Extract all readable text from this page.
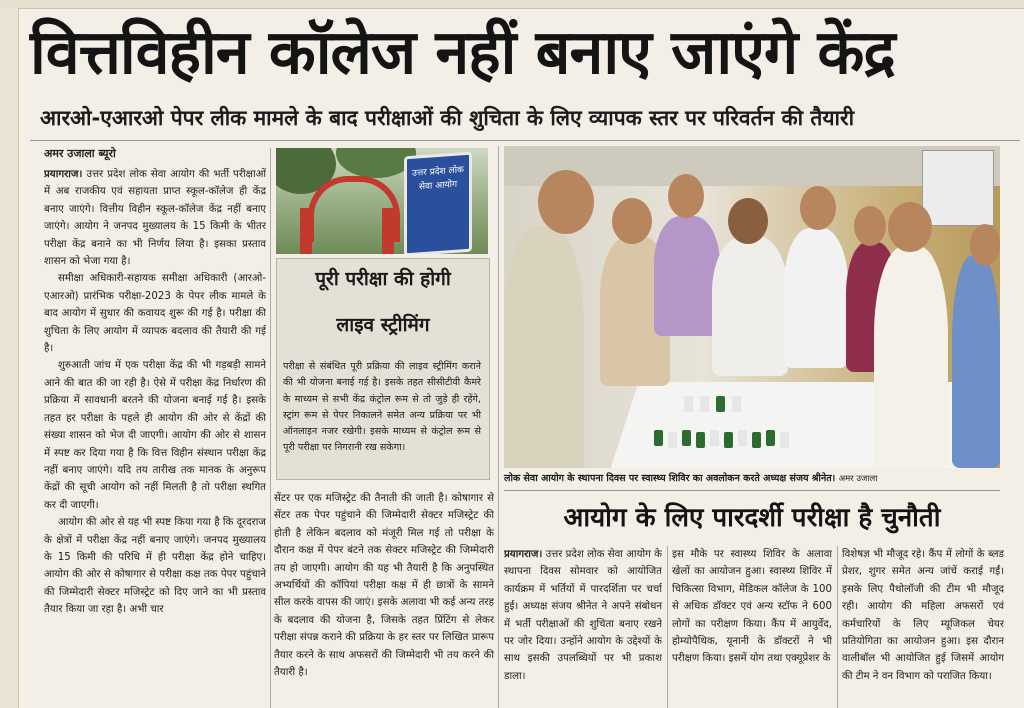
वित्तविहीन कॉलेज नहीं बनाए जाएंगे केंद्र
आरओ-एआरओ पेपर लीक मामले के बाद परीक्षाओं की शुचिता के लिए व्यापक स्तर पर परिवर्तन की तैयारी
अमर उजाला ब्यूरो

प्रयागराज। उत्तर प्रदेश लोक सेवा आयोग की भर्ती परीक्षाओं में अब राजकीय एवं सहायता प्राप्त स्कूल-कॉलेज ही केंद्र बनाए जाएंगे। वित्तीय विहीन स्कूल-कॉलेज केंद्र नहीं बनाए जाएंगे। आयोग ने जनपद मुख्यालय के 15 किमी के भीतर परीक्षा केंद्र बनाने का भी निर्णय लिया है। इसका प्रस्ताव शासन को भेजा गया है।

समीक्षा अधिकारी-सहायक समीक्षा अधिकारी (आरओ-एआरओ) प्रारंभिक परीक्षा-2023 के पेपर लीक मामले के बाद आयोग में सुधार की कवायद शुरू की गई है। परीक्षा की शुचिता के लिए आयोग में व्यापक बदलाव की तैयारी की गई है।

शुरुआती जांच में एक परीक्षा केंद्र की भी गड़बड़ी सामने आने की बात की जा रही है। ऐसे में परीक्षा केंद्र निर्धारण की प्रक्रिया में सावधानी बरतने की योजना बनाई गई है। इसके तहत हर परीक्षा के पहले ही आयोग की ओर से केंद्रों की संख्या शासन को भेज दी जाएगी। आयोग की ओर से शासन में स्पष्ट कर दिया गया है कि वित्त विहीन संस्थान परीक्षा केंद्र नहीं बनाए जाएंगे। यदि तय तारीख तक मानक के अनुरूप केंद्रों की सूची आयोग को नहीं मिलती है तो परीक्षा स्थगित कर दी जाएगी।

आयोग की ओर से यह भी स्पष्ट किया गया है कि दूरदराज के क्षेत्रों में परीक्षा केंद्र नहीं बनाए जाएंगे। जनपद मुख्यालय के 15 किमी की परिधि में ही परीक्षा केंद्र होने चाहिए। आयोग की ओर से कोषागार से परीक्षा कक्ष तक पेपर पहुंचाने की जिम्मेदारी सेक्टर मजिस्ट्रेट को दिए जाने का भी प्रस्ताव तैयार किया जा रहा है। अभी चार

उत्तर प्रदेश लोक सेवा आयोग
पूरी परीक्षा की होगी
लाइव स्ट्रीमिंग
परीक्षा से संबंधित पूरी प्रक्रिया की लाइव स्ट्रीमिंग कराने की भी योजना बनाई गई है। इसके तहत सीसीटीवी कैमरे के माध्यम से सभी केंद्र कंट्रोल रूम से तो जुड़े ही रहेंगे, स्ट्रांग रूम से पेपर निकालने समेत अन्य प्रक्रिया पर भी ऑनलाइन नजर रखेगी। इसके माध्यम से कंट्रोल रूम से पूरी परीक्षा पर निगरानी रख सकेगा।
सेंटर पर एक मजिस्ट्रेट की तैनाती की जाती है। कोषागार से सेंटर तक पेपर पहुंचाने की जिम्मेदारी सेक्टर मजिस्ट्रेट की होती है लेकिन बदलाव को मंजूरी मिल गई तो परीक्षा के दौरान कक्ष में पेपर बंटने तक सेक्टर मजिस्ट्रेट की जिम्मेदारी तय हो जाएगी। आयोग की यह भी तैयारी है कि अनुपस्थित अभ्यर्थियों की कॉपियां परीक्षा कक्ष में ही छात्रों के सामने सील करके वापस की जाएं। इसके अलावा भी कई अन्य तरह के बदलाव की योजना है, जिसके तहत प्रिंटिंग से लेकर परीक्षा संपन्न कराने की प्रक्रिया के हर स्तर पर लिखित प्रारूप तैयार करने के साथ अफसरों की जिम्मेदारी भी तय करने की तैयारी है।
लोक सेवा आयोग के स्थापना दिवस पर स्वास्थ्य शिविर का अवलोकन करते अध्यक्ष संजय श्रीनेत। अमर उजाला
आयोग के लिए पारदर्शी परीक्षा है चुनौती
प्रयागराज। उत्तर प्रदेश लोक सेवा आयोग के स्थापना दिवस सोमवार को आयोजित कार्यक्रम में भर्तियों में पारदर्शिता पर चर्चा हुई। अध्यक्ष संजय श्रीनेत ने अपने संबोधन में भर्ती परीक्षाओं की शुचिता बनाए रखने पर जोर दिया। उन्होंने आयोग के उद्देश्यों के साथ इसकी उपलब्धियों पर भी प्रकाश डाला।
इस मौके पर स्वास्थ्य शिविर के अलावा खेलों का आयोजन हुआ। स्वास्थ्य शिविर में चिकित्सा विभाग, मेडिकल कॉलेज के 100 से अधिक डॉक्टर एवं अन्य स्टॉफ ने 600 लोगों का परीक्षण किया। कैंप में आयुर्वेद, होम्योपैथिक, यूनानी के डॉक्टरों ने भी परीक्षण किया। इसमें योग तथा एक्यूप्रेशर के
विशेषज्ञ भी मौजूद रहे। कैंप में लोगों के ब्लड प्रेशर, शुगर समेत अन्य जांचें कराई गईं। इसके लिए पैथोलॉजी की टीम भी मौजूद रही। आयोग की महिला अफसरों एवं कर्मचारियों के लिए म्यूजिकल चेयर प्रतियोगिता का आयोजन हुआ। इस दौरान वालीबॉल भी आयोजित हुई जिसमें आयोग की टीम ने वन विभाग को पराजित किया।
